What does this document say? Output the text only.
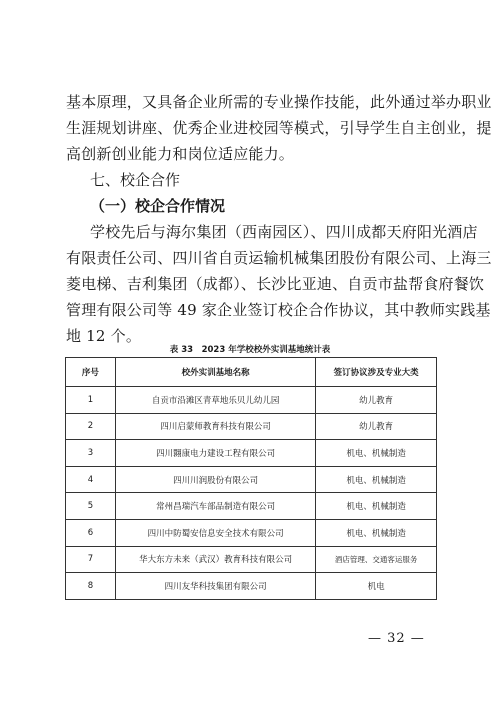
基本原理，又具备企业所需的专业操作技能，此外通过举办职业
生涯规划讲座、优秀企业进校园等模式，引导学生自主创业，提
高创新创业能力和岗位适应能力。
七、校企合作
（一）校企合作情况
学校先后与海尔集团（西南园区）、四川成都天府阳光酒店
有限责任公司、四川省自贡运输机械集团股份有限公司、上海三
菱电梯、吉利集团（成都）、长沙比亚迪、自贡市盐帮食府餐饮
管理有限公司等 49 家企业签订校企合作协议，其中教师实践基
地 12 个。
表 33　2023 年学校校外实训基地统计表
序号	校外实训基地名称	签订协议涉及专业大类
1	自贡市沿滩区青草地乐贝儿幼儿园	幼儿教育
2	四川启蒙师教育科技有限公司	幼儿教育
3	四川翾康电力建设工程有限公司	机电、机械制造
4	四川川润股份有限公司	机电、机械制造
5	常州昌瑞汽车部品制造有限公司	机电、机械制造
6	四川中防蜀安信息安全技术有限公司	机电、机械制造
7	华大东方未来（武汉）教育科技有限公司	酒店管理、交通客运服务
8	四川友华科技集团有限公司	机电
— 32 —
